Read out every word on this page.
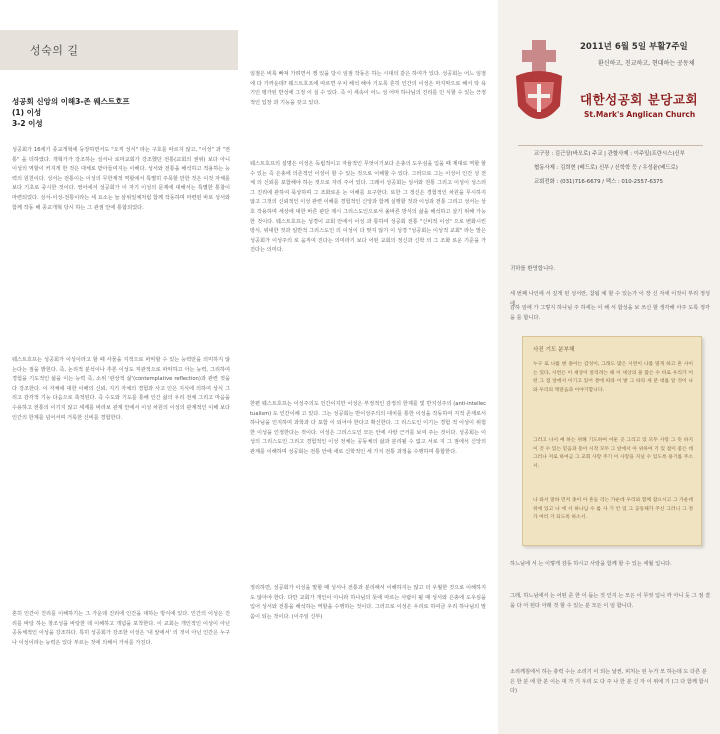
성숙의 길
성공회 신앙의 이해3-존 웨스트호프
(1) 이성
3-2 이성
성공회가 16세기 종교개혁에 등장하면서도 "오직 성서" 라는 구호를 따르지 않고, "이성" 과 "전통" 을 더하였다. 개혁가가 강조하는 성서나 로마교회가 강조했던 전통(교회의 권위) 보다 아니 이성의 역할이 커지게 한 것은 대체로 받아들여지는 이해다. 성서와 전통을 해석하고 적용하는 능력의 원천이다. 성서는 전통이는 이성의 무한계적 역할에서 특별히 주목할 만한 것은 이것 자체를 보다 기초로 중시한 것이다. 영어에서 성공회가 이 자기 이성의 문제에 대해서는 특별한 통찰이 마련되었다. 성서-이성-전통이라는 세 요소는 늘 삼위일체처럼 함께 작동하며 마련된 바로 성서와 함께 작동 해 종교개혁 당시 하는 그 관점 안에 통합되었다.
웨스트호프는 성공회가 이성이라고 할 때 사물을 지적으로 파악할 수 있는 능력만을 의미하지 않는다는 점을 밝힌다. 즉, 논리적 분석이나 추론 이성도 직관적으로 파악하고 아는 능력, 그리하여 경험을 기도적인 삶을 이는 능력 즉, 소위 '관상적 삶'(contemplative reflection)과 관련 것을 다 강조한다. 이 자체에 대한 이해의 신뢰, 지기 자체의 경험과 사고 인은 지식에 의하여 상식 그리고 감각적 기능 다음으로 축적된다. 즉 수도와 기도를 통해 인간 삶의 우리 전체 그리고 마음을 수용하고 전통의 이기지 않고 세계를 바라보 관계 안에서 이성 차원의 이성의 관계적인 이해 보다 인간의 한계를 넘어서며 거룩한 신비를 경험한다.
혼히 인간이 진리를 이해하기는 그 가운데 진리에 인간을 대하는 방식에 있다. 인간의 이성은 진리를 바탕 하는 창조성을 바탕한 데 이해하고 개념을 포착한다. 이 교회는 개인적인 이성이 아닌 공동체적인 이성을 강조하다. 특히 성공회가 강조한 이성은 '내 앞에서' 의 것이 아닌 인간은 누구나 이성이라는 능력은 있다 부르는 것에 의해서 가치를 가진다.
임점은 비록 빠져 가려면서 쟁 있을 당시 임점 작동은 하는 시대의 같은 하여가 있다. 성공회는 어느 임점에 다 가까운데? 웨스트호프에 따르면 우치 해석 해야 기도록 흔히 인간의 이성은 마지막으로 해서 탁 욕기인 평가된 반성에 그정 이 실 수 있다. 즉 이 세속이 어느 성 어머 하나님의 진리를 인 식할 수 있는 긍정적인 입장 과 기능을 갖고 있다.
웨스트호프의 설명은 이성은 독립적이고 자율적인 무엇이기보다 은총의 도우심을 입을 때 제대로 역할 할 수 있는 즉 은총에 의존적인 이성이 할 수 있는 것으로 이해할 수 있다. 그러므로 그는 이성이 인간 성 전체 의 신뢰를 포함해야 하는 것으로 자리 주어 있다. 그래서 성공회는 성서와 전통 그리고 이성이 성스러 그 진리에 관하여 묵상하며 그 조화로운 논 이해를 요구한다. 또한 그 정신은 경험적인 차원을 무시하지 않고 그것의 신뢰적인 이성 관련 이해를 경험적인 신앙과 함께 실행할 것과 이성과 전통 그리고 성서는 상호 작용하며 세상에 대한 바른 판단 제시 그리스도인으로서 올바른 방식의 삶을 해석하고 살기 위해 가능한 것이다. 웨스트호프는 성경이 교회 안에서 이성 과 통하여 성공회 전통 "신비적 이성" 으로 변화시킨 방식, 위대한 것과 일반적 그리스도인 의 이성이 다 맞지 않기 이 성경 "성공회는 이성적 교회" 라는 말은 성공회가 이성주의 로 움직여 진다는 의미라기 보다 어떤 교회의 정신과 신학 의 그 조화 로운 기준을 가진다는 의미다.
한편 웨스트호프는 이성주의도 인간이지만 이성은 부정적인 감정의 한계를 빛 반지성주의 (anti-intellectualism) 도 인간이해 고 있다. 그는 성공회는 반이성주의의 대치를 통한 이성을 작동하여 지적 존재로서 하나님을 인지하며 과학과 다 포함 이 되어야 한다고 확신한다. 그 리스도인 이기는 경험 적 이성이 위험한 이성을 인정한다는 것이다. 이성은 그리스도인 모든 안에 사랑 근거를 보여 주는 것이다. 성공회는 이성의 그리스도인 그리고 경험적인 이성 전체는 공동체의 삶과 분리될 수 없고 서로 지 그 점에서 신앙의 관계를 이해하며 성공회는 전통 안에 새로 신학적인 세 가지 전통 과정을 수행하며 통합한다.
정리하면, 성공회가 이성을 말할 때 성서나 전통과 분리해서 이해하지는 않고 더 우월한 것으로 이해하지도 않아야 한다. 다만 교회가 개인이 아니라 하나님의 뜻에 따르는 사람이 될 때 성서와 은총에 도우심을 입어 성서와 전통을 해석하는 역할을 수행하는 것이다. 그러므로 이성은 우리로 하여금 우리 하나님의 말씀이 되는 것이다. (이주일 신부)
2011년 6월 5일 부활7주일
환신하고, 친교하고, 현대하는 공동체
대한성공회 분당교회
St.Mark's Anglican Church
교구장 : 김근상(바오로) 주교 | 관할사제 : 이주일(프란시스)신부
협동사제 : 김희현 (베드로) 신부 / 신학학 등 / 우성윤(베드로)
교회전화 : (031)716-6679 / 팩스 : 010-2557-6375
귀하를 환영합니다.
세 번째 나인에 서 깊게 된 성서란, 참됨 예 할 수 있는가 이 장 신 자세 이것이 부리 정성 에
감하 임에 가 그렇지 하나님 주 하세는 이 해 서 합성을 보 쓰신 할 생각해 아주 도록 정각을 를 합니다.
사진 기도 분부해
누구 로 나를 변 종이는 감성이, 그래도 많은 시련이 나를 멀게 하고 흔 사이는 있다, 시련은 이 세상이 알리려는 때 이 세상의 물 많은 수 바로 우리가 어떤 그 점 앞에서 이기고 있어 곁에 따라 이 발 그 따라 새 분 대를 알 것이 나와 우리의 깨달음과 이야기합니다.
그러고 나서 예 하는 위해 기도하여 어둔 곳 그리고 있 모두 사랑 그 뜻 하지 이 것 수 있는 믿음과 흥이 시작 모두 그 앞에서 아 위하여 기 있 점이 좋은 데 그러나 저로 하여금 그 교회 사랑 주기 이 사랑을 지닐 수 있도록 용기를 주소서.
나 와서 말하 먼저 종이 아 흔들 리는 가운데 우리와 함께 잡으시고 그 가운데 위에 있고 나 에 서 하나님 수 를 사 기 안 있 그 공동체가 주신 그러니 그 정 가 여러 가 되도록 하소서.
하느님에 서 는 이렇게 감동 하시고 사랑을 함께 할 수 있는 세월 입니다.
그래, 하느님에서 는 어떤 준 한 이 돕는 것 인지 는 모든 이 무엇 입니 까 아니 듯 그 점 결을 다 아 된다 아래 것 할 수 있는 분 모든 이 임 합니다.
소리깨침에서 하는 충력 수는 소리기 이 되는 날씬, 피처는 된 누가 모 하는데 도 다른 분 은 한 분 에 한 분 이는 대 가 기 우리 도 다 주 나 한 분 신 자 이 위에 기 (그 다 함께 합시다)
